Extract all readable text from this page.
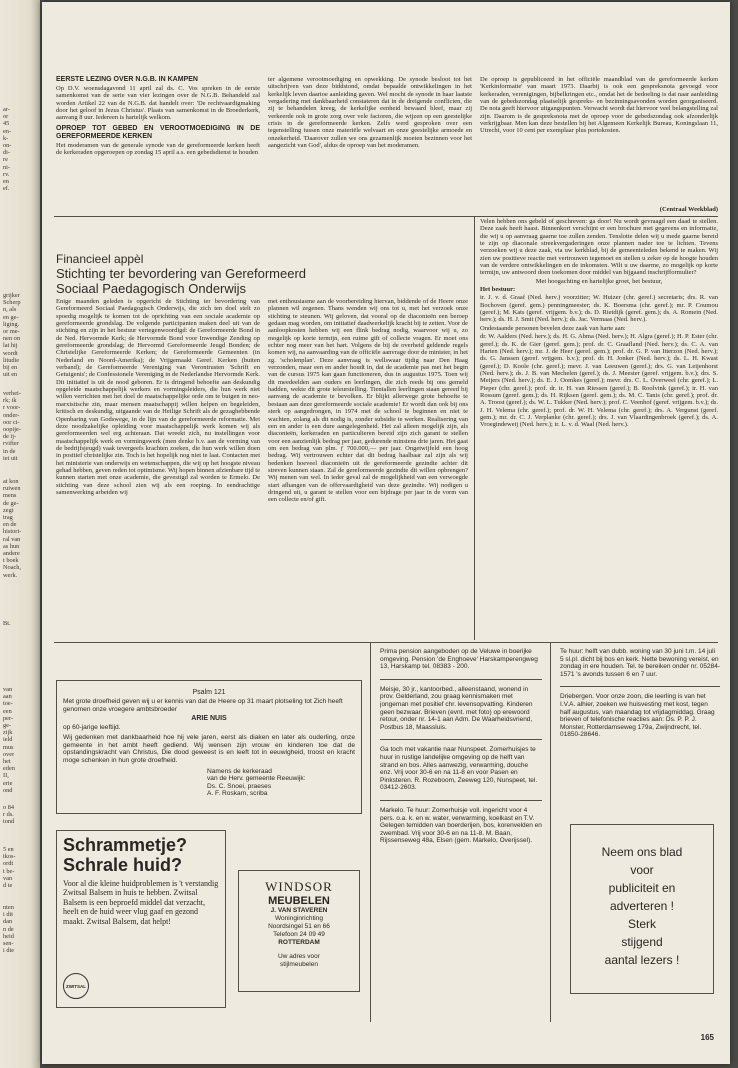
ar-
or
45
en-
k-
on-
di-
re
ni-
rv.
en
ef.
grijker
Scherp
n, als
en ge-
liging.
or me-
nen on
lat hij
wordt
litudie
bij en
uit en
verhei-
rk; ik
r voor-
onder-
oor ci-
oopije-
de ij-
rvifter
in de
iet uit
at kon
ruiwen
mens
de ge-
zegt
trag
en de
histori-
ral van
as hun
andere
t boek
Noach,
werk.
Bt.
van
aan
toe-
een
per-
ge-
zijk
ield
mus
over
het
eden
II,
erie
ond
o 84
r ds.
tond
5 en
tkos-
ordt
t be-
van
d te
nten
i dit
dan
n de
heid
sen-
i die
EERSTE LEZING OVER N.G.B. IN KAMPEN

Op D.V. woensdagavond 11 april zal ds. C. Vos spreken in de eerste samenkomst van de serie van vier lezingen over de N.G.B. Behandeld zal worden Artikel 22 van de N.G.B. dat handelt over: 'De rechtvaardigmaking door het geloof in Jezus Christus'. Plaats van samenkomst in de Broederkerk, aanvang 8 uur. Iedereen is hartelijk welkom.

OPROEP TOT GEBED EN VEROOTMOEDIGING IN DE GEREFORMEERDE KERKEN

Het moderamen van de generale synode van de gereformeerde kerken heeft de kerkeraden opgeroepen op zondag 15 april a.s. een gebedsdienst te houden

ter algemene verootmoediging en opwekking. De synode besloot tot het uitschrijven van deze biddstond, omdat bepaalde ontwikkelingen in het kerkelijk leven daartoe aanleiding gaven. Wel mocht de synode in haar laatste vergadering met dankbaarheid constateren dat in de dreigende conflicten, die zij te behandelen kreeg, de kerkelijke eenheid bewaard bleef, maar zij verkeerde ook in grote zorg over vele factoren, die wijzen op een geestelijke crisis in de gereformeerde kerken. Zelfs werd gesproken over een tegenstelling tussen onze materiële welvaart en onze geestelijke armoede en onzekerheid. 'Daarover zullen we ons gezamenlijk moeten bezinnen voor het aangezicht van God', aldus de oproep van het moderamen.

De oproep is gepubliceerd in het officiële maandblad van de gereformeerde kerken 'Kerkinformatie' van maart 1973. Daarbij is ook een gespreksnota gevoegd voor kerkeraden, verenigingen, bijbelkringen etc., omdat het de bedoeling is dat naar aanleiding van de gebedszondag plaatselijk gespreks- en bezinningsavonden worden georganiseerd. De nota geeft hiervoor uitgangspunten. Verwacht wordt dat hiervoor veel belangstelling zal zijn. Daarom is de gespreksnota met de oproep voor de gebedszondag ook afzonderlijk verkrijgbaar. Men kan deze bestellen bij het Algemeen Kerkelijk Bureau, Koningslaan 11, Utrecht, voor 10 cent per exemplaar plus portokosten.

(Centraal Weekblad)
Financieel appèl
Stichting ter bevordering van Gereformeerd
Sociaal Paedagogisch Onderwijs

Enige maanden geleden is opgericht de Stichting ter bevordering van Gereformeerd Sociaal Paedagogisch Onderwijs, die zich ten doel stelt zo spoedig mogelijk te komen tot de oprichting van een sociale academie op gereformeerde grondslag. De volgende participanten maken deel uit van de stichting en zijn in het bestuur vertegenwoordigd: de Gereformeerde Bond in de Ned. Hervormde Kerk; de Hervormde Bond voor Inwendige Zending op gereformeerde grondslag; de Hervormd Gereformeerde Jeugd Bonden; de Christelijke Gereformeerde Kerken; de Gereformeerde Gemeenten (in Nederland en Noord-Amerika); de Vrijgemaakt Geref. Kerken (buiten verband); de Gereformeerde Vereniging van Verontrusten 'Schrift en Getuigenis'; de Confessionele Vereniging in de Nederlandse Hervormde Kerk. Dit initiatief is uit de nood geboren. Er is dringend behoefte aan deskundig opgeleide maatschappelijk werkers en vormingsleiders, die hun werk niet willen verrichten met het doel de maatschappelijke orde om te buigen in neo-marxistische zin, maar mensen maatschappij willen helpen en begeleiden, kritisch en deskundig, uitgaande van de Heilige Schrift als de gezaghebbende Openbaring van Godswege, in de lijn van de gereformeerde reformatie. Met deze noodzakelijke opleiding voor maatschappelijk werk komen wij als gereformeerden wel erg achteraan. Dat wreekt zich, nu instellingen voor maatschappelijk werk en vormingswerk (men denke b.v. aan de vorming van de bedrijfsjeugd) vaak tevergeefs krachten zoeken, die hun werk willen doen in positief christelijke zin. Toch is het hopelijk nog niet te laat. Contacten met het ministerie van onderwijs en wetenschappen, die wij op het hoogste niveau gehad hebben, geven reden tot optimisme. Wij hopen binnen afzienbare tijd te kunnen starten met onze academie, die gevestigd zal worden te Ermelo. De stichting van deze school zien wij als een roeping. In eendrachtige samenwerking arbeiden wij

met enthousiasme aan de voorbereiding hiervan, biddende of de Heere onze plannen wil zegenen. Thans wenden wij ons tot u, met het verzoek onze stichting te steunen. Wij geloven, dat vooral op de diaconieën een beroep gedaan mag worden, om initiatief daadwerkelijk kracht bij te zetten. Voor de aanloopkosten hebben wij een flink bedrag nodig, waarvoor wij u, zo mogelijk op korte termijn, een ruime gift of collecte vragen. Er moet ons echter nog meer van het hart. Volgens de bij de overheid geldende regels komen wij, na aanvaarding van de officiële aanvrage door de minister, in het zg. 'scholenplan'. Deze aanvraag is wellswaar tijdig naar Den Haag verzonden, maar een en ander houdt in, dat de academie pas met het begin van de cursus 1975 kan gaan functioneren, dus in augustus 1975. Toen wij dit meedeelden aan ouders en leerlingen, die zich reeds bij ons gemeld hadden, wekte dit grote teleurstelling. Tientallen leerlingen staan gereed bij aanvang de academie te bevolken. Er blijkt allerwege grote behoefte te bestaan aan deze gereformeerde sociale academie! Er wordt dan ook bij ons sterk op aangedrongen, in 1974 met de school te beginnen en niet te wachten, zolang als dit nodig is, zonder subsidie te werken. Realisering van een en ander is een dure aangelegenheid. Het zal alleen mogelijk zijn, als diaconieën, kerkeraden en particulieren bereid zijn zich garant te stellen voor een aanzienlijk bedrag per jaar, gedurende minstens drie jaren. Het gaat om een bedrag van plm. ƒ 700.000,— per jaar. Ongetwijfeld een hoog bedrag. Wij vertrouwen echter dat dit bedrag haalbaar zal zijn als wij bedenken hoeveel diaconieën uit de gereformeerde gezindte achter dit streven kunnen staan. Zal de gereformeerde gezindte dit willen opbrengen? Wij menen van wel. In ieder geval zal de mogelijkheid van een verwoegde start afhangen van de offervaardigheid van deze gezindte. Wij nodigen u dringend uit, u garant te stellen voor een bijdrage per jaar in de vorm van een collecte en/of gift.

Velen hebben ons gebeld of geschreven: ga door! Nu wordt gevraagd een daad te stellen. Deze zaak heeft haast. Binnenkort verschijnt er een brochure met gegevens en informatie, die wij u op aanvraag gaarne toe zullen zenden. Tenslotte delen wij u mede gaarne bereid te zijn op diaconale streekvergaderingen onze plannen nader toe te lichten. Tevens verzoeken wij u deze zaak, via uw kerkblad, bij de gemeenteleden bekend te maken. Wij zien uw positieve reactie met vertrouwen tegemoet en stellen u zeker op de hoogte houden van de verdere ontwikkelingen en de inkomsten. Wilt u uw daarme, zo mogelijk op korte termijn, uw antwoord doen toekomen door middel van bijgaand inschrijfformulier?

Met hoogachting en hartelijke groet, het bestuur,

Het bestuur:

ir. J. v. d. Graaf (Ned. herv.) voorzitter; W. Huizer (chr. geref.) secretaris; drs. R. van Bochoven (geref. gem.) penningmeester; ds. K. Boersma (chr. geref.); mr. P. Coumou (geref.); M. Kats (geref. vrijgem. b.v.); ds. D. Rietdijk (geref. gem.); ds. A. Romein (Ned. herv.); ds. H. J. Smit (Ned. herv.); ds. Jac. Vermaas (Ned. herv.).

Ondestaande personen bevelen deze zaak van harte aan:

dr. W. Aalders (Ned. herv.); ds. H. G. Abma (Ned. herv.); H. Algra (geref.); H. P. Ester (chr. geref.); ds. K. de Gier (geref. gem.); prof. dr. C. Graafland (Ned. herv.); ds. C. A. van Harten (Ned. herv.); mr. J. de Heer (geref. gem.); prof. dr. G. P. van Itterzon (Ned. herv.); ds. G. Janssen (geref. vrijgem. b.v.); prof. dr. H. Jonker (Ned. herv.); ds. L. H. Kwast (geref.); D. Koole (chr. geref.); mevr. J. van Leeuwen (geref.); drs. G. van Leijenhorst (Ned. herv.); ds. J. B. van Mechelen (geref.); ds. J. Meester (geref. vrijgem. b.v.); drs. S. Meijers (Ned. herv.); ds. E. J. Oomkes (geref.); mevr. drs. C. L. Overweel (chr. geref.); L. Pieper (chr. geref.); prof. dr. ir. H. van Riessen (geref.); B. Roolvink (geref.); ir. H. van Rossum (geref. gem.); ds. H. Rijksen (geref. gem.); ds. M. C. Tanis (chr. geref.); prof. dr. A. Troost (geref.); ds. W. L. Tukker (Ned. herv.); prof. C. Veenhof (geref. vrijgem. b.v.); ds. J. H. Velema (chr. geref.); prof. dr. W. H. Velema (chr. geref.); drs. A. Vergunst (geref. gem.); mr. dr. C. J. Verplanke (chr. geref.); drs. J. van Vlaardingenbroek (geref.); ds. A. Vroegindeweij (Ned. herv.); ir. L. v. d. Waal (Ned. herv.).

Psalm 121
Met grote droefheid geven wij u er kennis van dat de Heere op 31 maart plotseling tot Zich heeft genomen onze vroegere ambtsbroeder
ARIE NUIS
op 60-jarige leeftijd.
Wij gedenken met dankbaarheid hoe hij vele jaren, eerst als diaken en later als ouderling, onze gemeente in het ambt heeft gediend. Wij wensen zijn vrouw en kinderen toe dat de opstandingskracht van Christus, Die dood geweest is en leeft tot in eeuwigheid, troost en kracht moge schenken in hun grote droefheid.
Namens de kerkeraad
van de Herv. gemeente Reeuwijk:
Ds. C. Snoei, praeses
A. F. Roskam, scriba
Schrammetje?
Schrale huid?
Voor al die kleine huidproblemen is 't verstandig Zwitsal Balsem in huis te hebben. Zwitsal Balsem is een beproefd middel dat verzacht, heelt en de huid weer vlug gaaf en gezond maakt. Zwitsal Balsem, dat helpt!
ZWITSAL
WINDSOR
MEUBELEN
J. VAN STAVEREN
Woninginrichting
Noordsingel 51 en 66
Telefoon 24 09 49
ROTTERDAM
Uw adres voor
stijlmeubelen
Prima pension aangeboden op de Veluwe in boerijke omgeving. Pension 'de Enghoeve' Harskamperengweg 13, Harskamp tel. 08383 - 200.
Meisje, 30 jr., kantoorbed., alleenstaand, wonend in prov. Gelderland, zou graag kennismaken met jongeman met positief chr. levensopvatting. Kinderen geen bezwaar. Brieven (evnt. met foto) op erewoord retour, onder nr. 14-1 aan Adm. De Waarheidsvriend, Postbus 18, Maassluis.
Ga toch met vakantie naar Nunspeet. Zomerhuisjes te huur in rustige landelijke omgeving op de helft van strand en bos. Alles aanwezig, verwarming, douche enz. Vrij voor 30-6 en na 11-8 en voor Pasen en Pinksteren. R. Rozeboom, Zeeweg 120, Nunspeet, tel. 03412-2603.
Markelo. Te huur: Zomerhuisje voll. ingericht voor 4 pers. o.a. k. en w. water, verwarming, koelkast en T.V. Gelegen temidden van boerderijen, bos, korenvelden en zwembad. Vrij voor 30-6 en na 11-8. M. Baan, Rijssenseweg 48a, Elsen (gem. Markelo, Overijssel).
Te huur: helft van dubb. woning van 30 juni t.m. 14 juli 5 sl.pl. dicht bij bos en kerk. Nette bewoning vereist, en zondag in ere houden. Tel. te bereiken onder nr. 05284-1571 's avonds tussen 6 en 7 uur.
Driebergen. Voor onze zoon, die leerling is van het I.V.A. alhier, zoeken we huisvesting met kost, tegen half augustus, van maandag tot vrijdagmiddag. Graag brieven of telefonische reacties aan: Ds. P. P. J. Monster, Rotterdamseweg 179a, Zwijndrecht, tel. 01850-28646.
Neem ons blad
voor
publiciteit en
adverteren !
Sterk
stijgend
aantal lezers !
165
